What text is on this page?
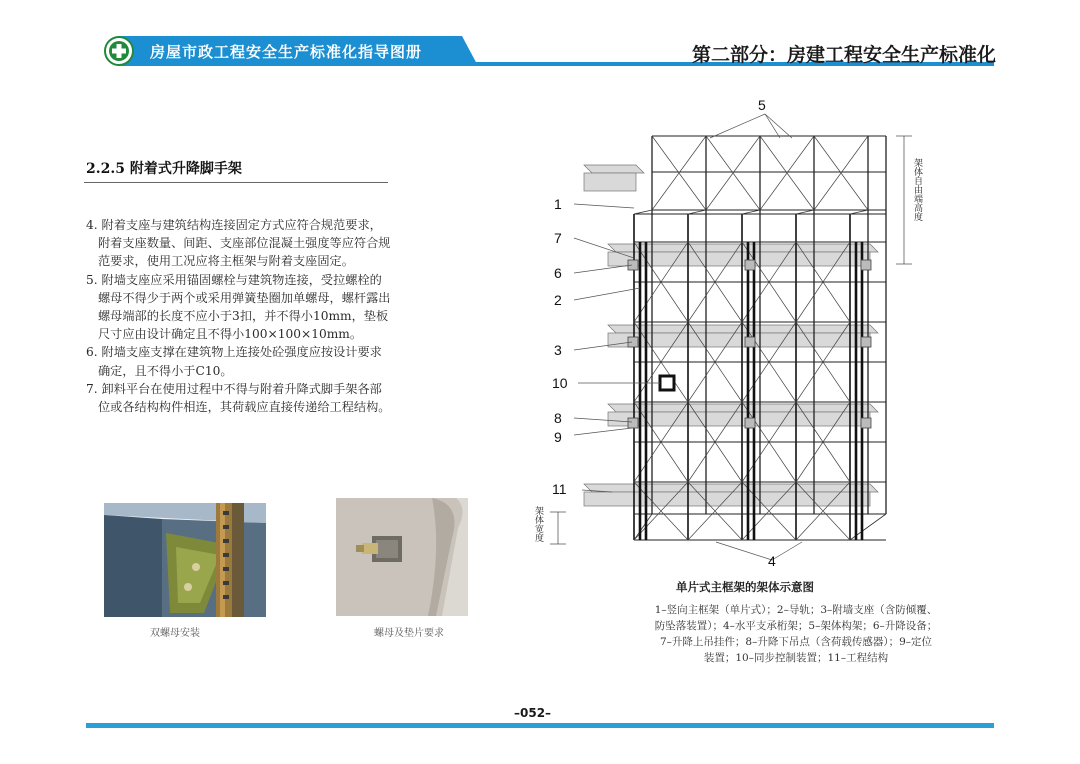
房屋市政工程安全生产标准化指导图册	第二部分：房建工程安全生产标准化
2.2.5 附着式升降脚手架
4. 附着支座与建筑结构连接固定方式应符合规范要求，附着支座数量、间距、支座部位混凝土强度等应符合规范要求，使用工况应将主框架与附着支座固定。
5. 附墙支座应采用锚固螺栓与建筑物连接，受拉螺栓的螺母不得少于两个或采用弹簧垫圈加单螺母，螺杆露出螺母端部的长度不应小于3扣，并不得小10mm，垫板尺寸应由设计确定且不得小100×100×10mm。
6. 附墙支座支撑在建筑物上连接处砼强度应按设计要求确定，且不得小于C10。
7. 卸料平台在使用过程中不得与附着升降式脚手架各部位或各结构构件相连，其荷载应直接传递给工程结构。
双螺母安装	螺母及垫片要求
1
7
6
2
3
10
8
9
11
5
4
架体自由端高度
架体宽度
单片式主框架的架体示意图
1–竖向主框架（单片式）；2–导轨；3–附墙支座（含防倾覆、
防坠落装置）；4–水平支承桁架；5–架体构架；6–升降设备；
7–升降上吊挂件；8–升降下吊点（含荷载传感器）；9–定位
装置；10–同步控制装置；11–工程结构
–052–
